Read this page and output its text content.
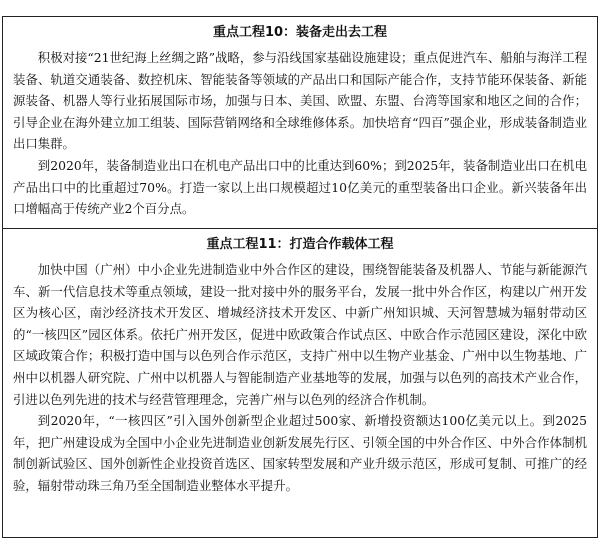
重点工程10：装备走出去工程

积极对接“21世纪海上丝绸之路”战略，参与沿线国家基础设施建设；重点促进汽车、船舶与海洋工程装备、轨道交通装备、数控机床、智能装备等领域的产品出口和国际产能合作，支持节能环保装备、新能源装备、机器人等行业拓展国际市场，加强与日本、美国、欧盟、东盟、台湾等国家和地区之间的合作；引导企业在海外建立加工组装、国际营销网络和全球维修体系。加快培育“四百”强企业，形成装备制造业出口集群。

到2020年，装备制造业出口在机电产品出口中的比重达到60%；到2025年，装备制造业出口在机电产品出口中的比重超过70%。打造一家以上出口规模超过10亿美元的重型装备出口企业。新兴装备年出口增幅高于传统产业2个百分点。

重点工程11：打造合作载体工程

加快中国（广州）中小企业先进制造业中外合作区的建设，围绕智能装备及机器人、节能与新能源汽车、新一代信息技术等重点领域，建设一批对接中外的服务平台，发展一批中外合作区，构建以广州开发区为核心区，南沙经济技术开发区、增城经济技术开发区、中新广州知识城、天河智慧城为辐射带动区的“一核四区”园区体系。依托广州开发区，促进中欧政策合作试点区、中欧合作示范园区建设，深化中欧区域政策合作；积极打造中国与以色列合作示范区，支持广州中以生物产业基金、广州中以生物基地、广州中以机器人研究院、广州中以机器人与智能制造产业基地等的发展，加强与以色列的高技术产业合作，引进以色列先进的技术与经营管理理念，完善广州与以色列的经济合作机制。

到2020年，“一核四区”引入国外创新型企业超过500家、新增投资额达100亿美元以上。到2025年，把广州建设成为全国中小企业先进制造业创新发展先行区、引领全国的中外合作区、中外合作体制机制创新试验区、国外创新性企业投资首选区、国家转型发展和产业升级示范区，形成可复制、可推广的经验，辐射带动珠三角乃至全国制造业整体水平提升。
